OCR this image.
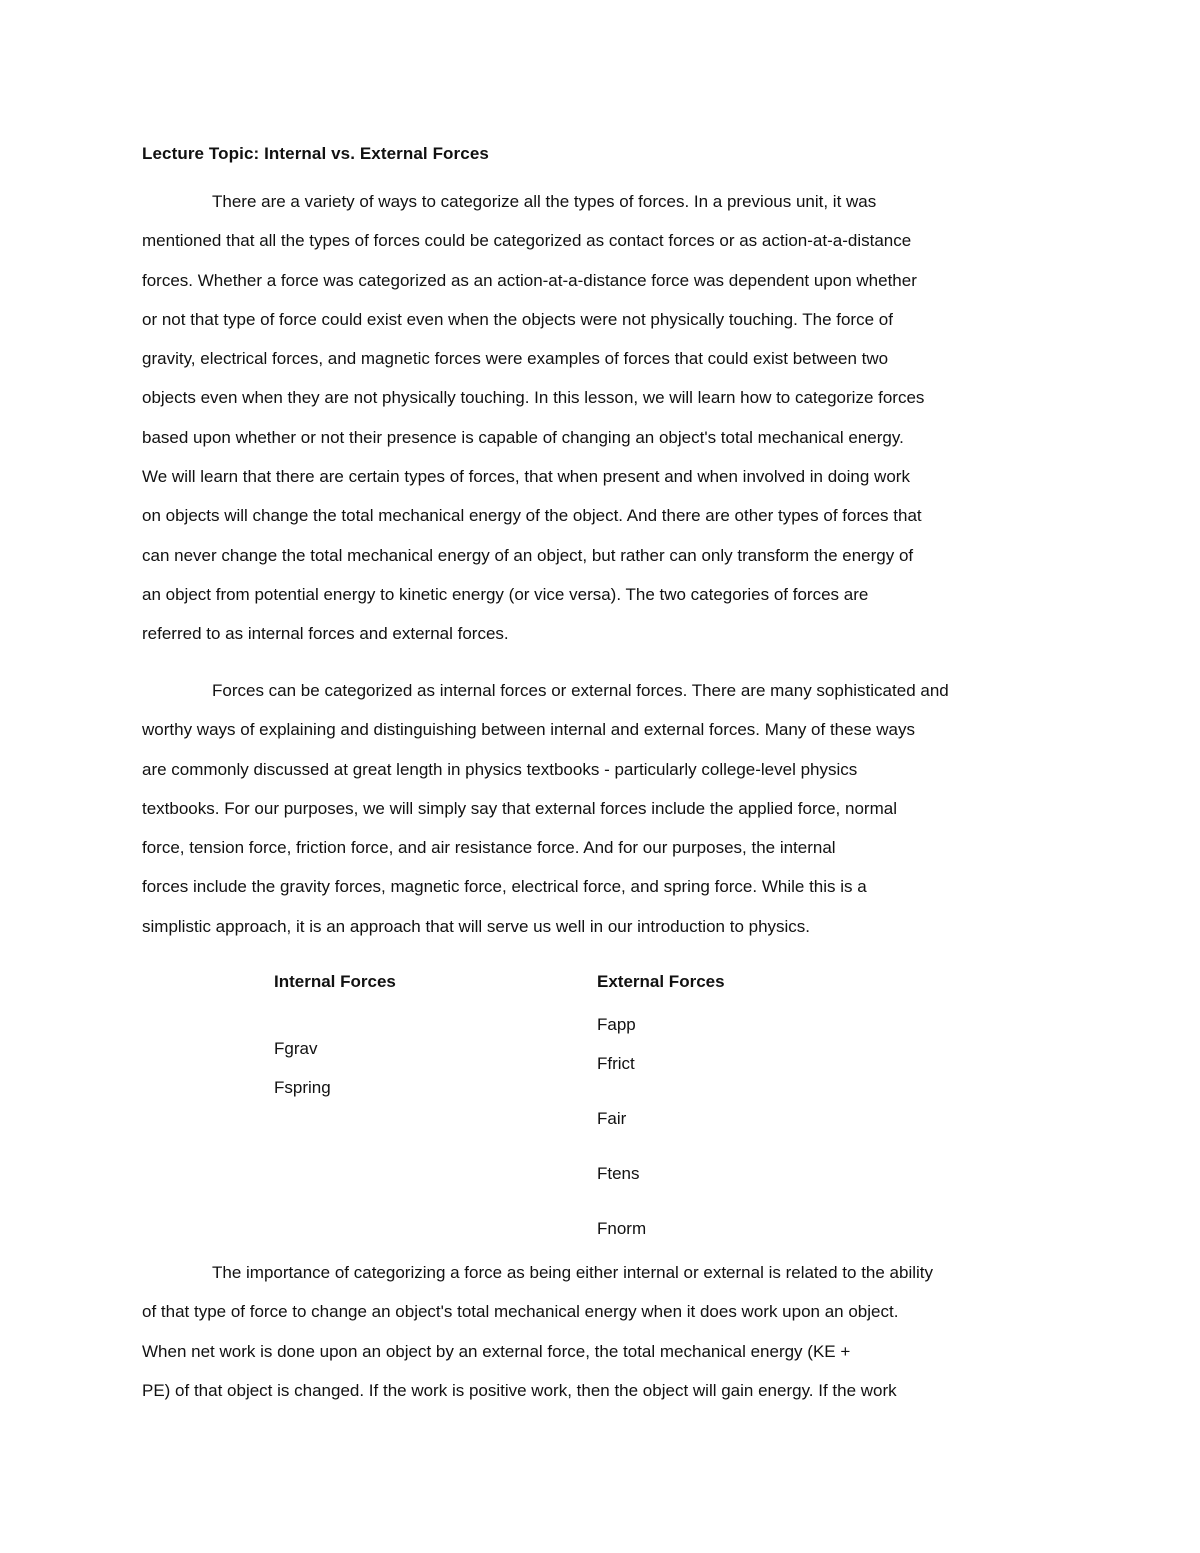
Lecture Topic: Internal vs. External Forces
There are a variety of ways to categorize all the types of forces. In a previous unit, it was
mentioned that all the types of forces could be categorized as contact forces or as action-at-a-distance
forces. Whether a force was categorized as an action-at-a-distance force was dependent upon whether
or not that type of force could exist even when the objects were not physically touching. The force of
gravity, electrical forces, and magnetic forces were examples of forces that could exist between two
objects even when they are not physically touching. In this lesson, we will learn how to categorize forces
based upon whether or not their presence is capable of changing an object's total mechanical energy.
We will learn that there are certain types of forces, that when present and when involved in doing work
on objects will change the total mechanical energy of the object. And there are other types of forces that
can never change the total mechanical energy of an object, but rather can only transform the energy of
an object from potential energy to kinetic energy (or vice versa). The two categories of forces are
referred to as internal forces and external forces.
Forces can be categorized as internal forces or external forces. There are many sophisticated and
worthy ways of explaining and distinguishing between internal and external forces. Many of these ways
are commonly discussed at great length in physics textbooks - particularly college-level physics
textbooks. For our purposes, we will simply say that external forces include the applied force, normal
force, tension force, friction force, and air resistance force. And for our purposes, the internal
forces include the gravity forces, magnetic force, electrical force, and spring force. While this is a
simplistic approach, it is an approach that will serve us well in our introduction to physics.
Internal Forces	External Forces
Fgrav
Fspring
Fapp
Ffrict
Fair
Ftens
Fnorm
The importance of categorizing a force as being either internal or external is related to the ability
of that type of force to change an object's total mechanical energy when it does work upon an object.
When net work is done upon an object by an external force, the total mechanical energy (KE +
PE) of that object is changed. If the work is positive work, then the object will gain energy. If the work
